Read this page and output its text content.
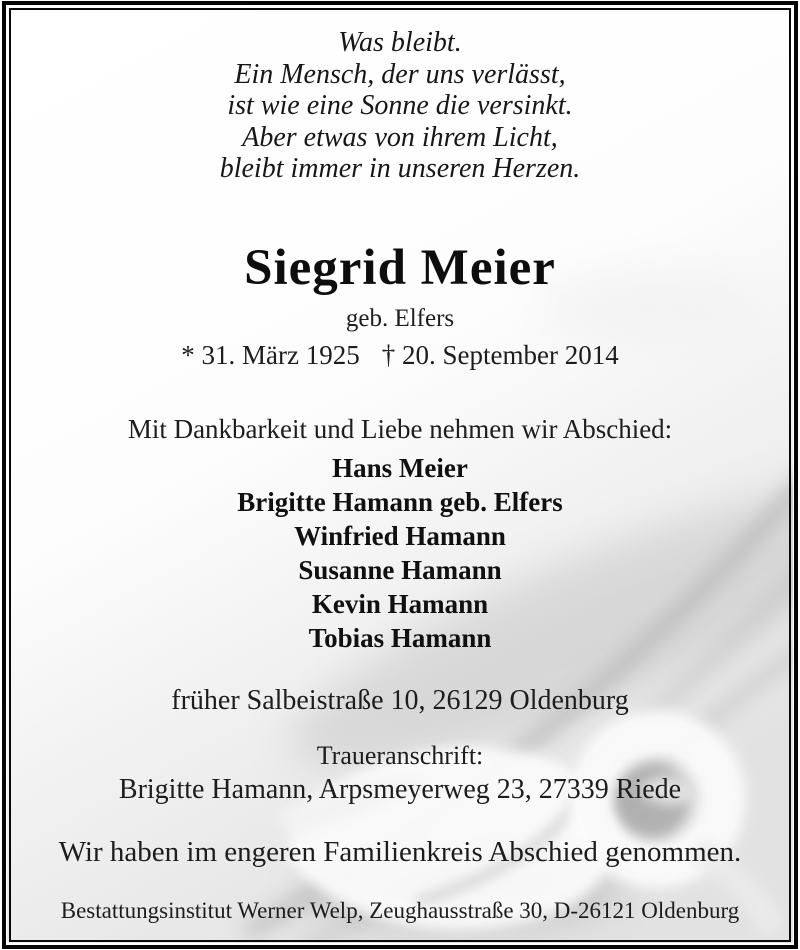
Was bleibt.
Ein Mensch, der uns verlässt,
ist wie eine Sonne die versinkt.
Aber etwas von ihrem Licht,
bleibt immer in unseren Herzen.
Siegrid Meier
geb. Elfers
* 31. März 1925 † 20. September 2014
Mit Dankbarkeit und Liebe nehmen wir Abschied:
Hans Meier
Brigitte Hamann geb. Elfers
Winfried Hamann
Susanne Hamann
Kevin Hamann
Tobias Hamann
früher Salbeistraße 10, 26129 Oldenburg
Traueranschrift:
Brigitte Hamann, Arpsmeyerweg 23, 27339 Riede
Wir haben im engeren Familienkreis Abschied genommen.
Bestattungsinstitut Werner Welp, Zeughausstraße 30, D-26121 Oldenburg
